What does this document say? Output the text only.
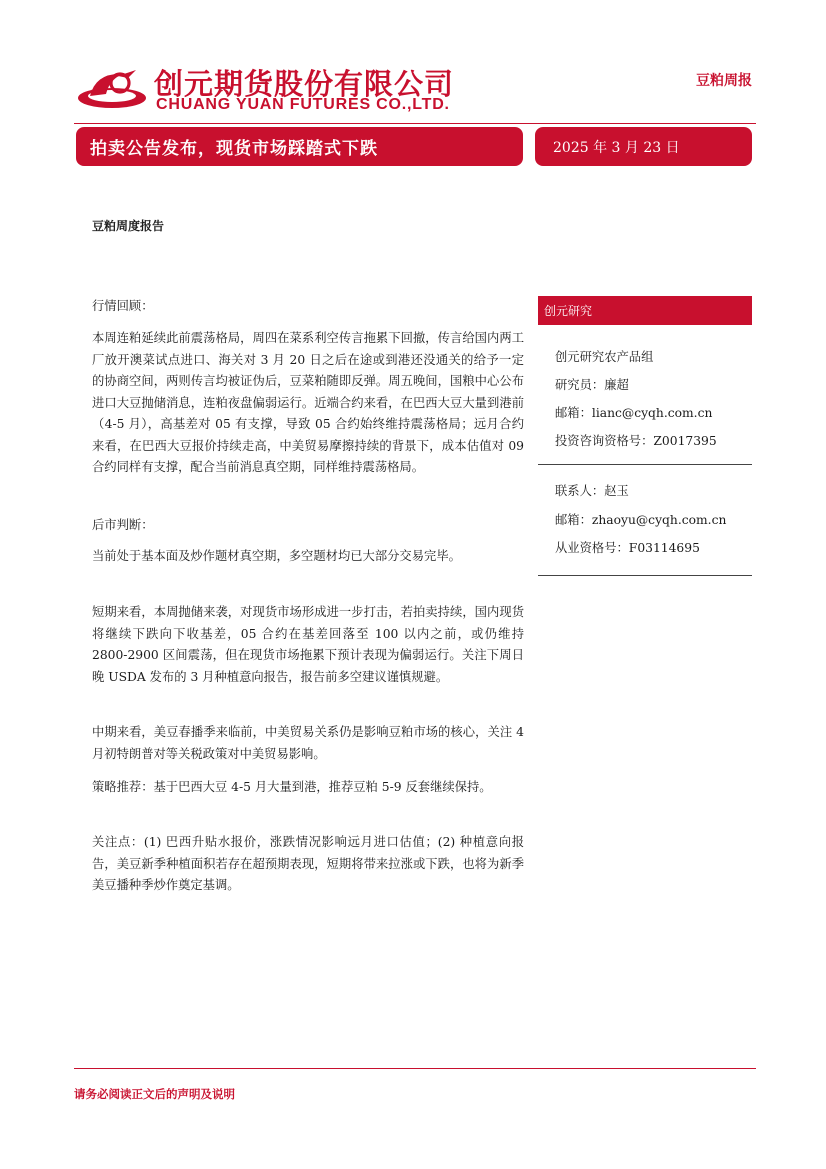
创元期货股份有限公司
CHUANG YUAN FUTURES CO.,LTD.
豆粕周报
拍卖公告发布，现货市场踩踏式下跌	2025 年 3 月 23 日
豆粕周度报告

行情回顾：

本周连粕延续此前震荡格局，周四在菜系利空传言拖累下回撤，传言给国内两工厂放开澳菜试点进口、海关对 3 月 20 日之后在途或到港还没通关的给予一定的协商空间，两则传言均被证伪后，豆菜粕随即反弹。周五晚间，国粮中心公布进口大豆抛储消息，连粕夜盘偏弱运行。近端合约来看，在巴西大豆大量到港前（4-5 月），高基差对 05 有支撑，导致 05 合约始终维持震荡格局；远月合约来看，在巴西大豆报价持续走高，中美贸易摩擦持续的背景下，成本估值对 09 合约同样有支撑，配合当前消息真空期，同样维持震荡格局。

后市判断：

当前处于基本面及炒作题材真空期，多空题材均已大部分交易完毕。

短期来看，本周抛储来袭，对现货市场形成进一步打击，若拍卖持续，国内现货将继续下跌向下收基差，05 合约在基差回落至 100 以内之前，或仍维持 2800-2900 区间震荡，但在现货市场拖累下预计表现为偏弱运行。关注下周日晚 USDA 发布的 3 月种植意向报告，报告前多空建议谨慎规避。

中期来看，美豆春播季来临前，中美贸易关系仍是影响豆粕市场的核心，关注 4 月初特朗普对等关税政策对中美贸易影响。

策略推荐：基于巴西大豆 4-5 月大量到港，推荐豆粕 5-9 反套继续保持。

关注点：(1) 巴西升贴水报价，涨跌情况影响远月进口估值；(2) 种植意向报告，美豆新季种植面积若存在超预期表现，短期将带来拉涨或下跌，也将为新季美豆播种季炒作奠定基调。

创元研究
创元研究农产品组
研究员：廉超
邮箱：lianc@cyqh.com.cn
投资咨询资格号：Z0017395
联系人：赵玉
邮箱：zhaoyu@cyqh.com.cn
从业资格号：F03114695
请务必阅读正文后的声明及说明
